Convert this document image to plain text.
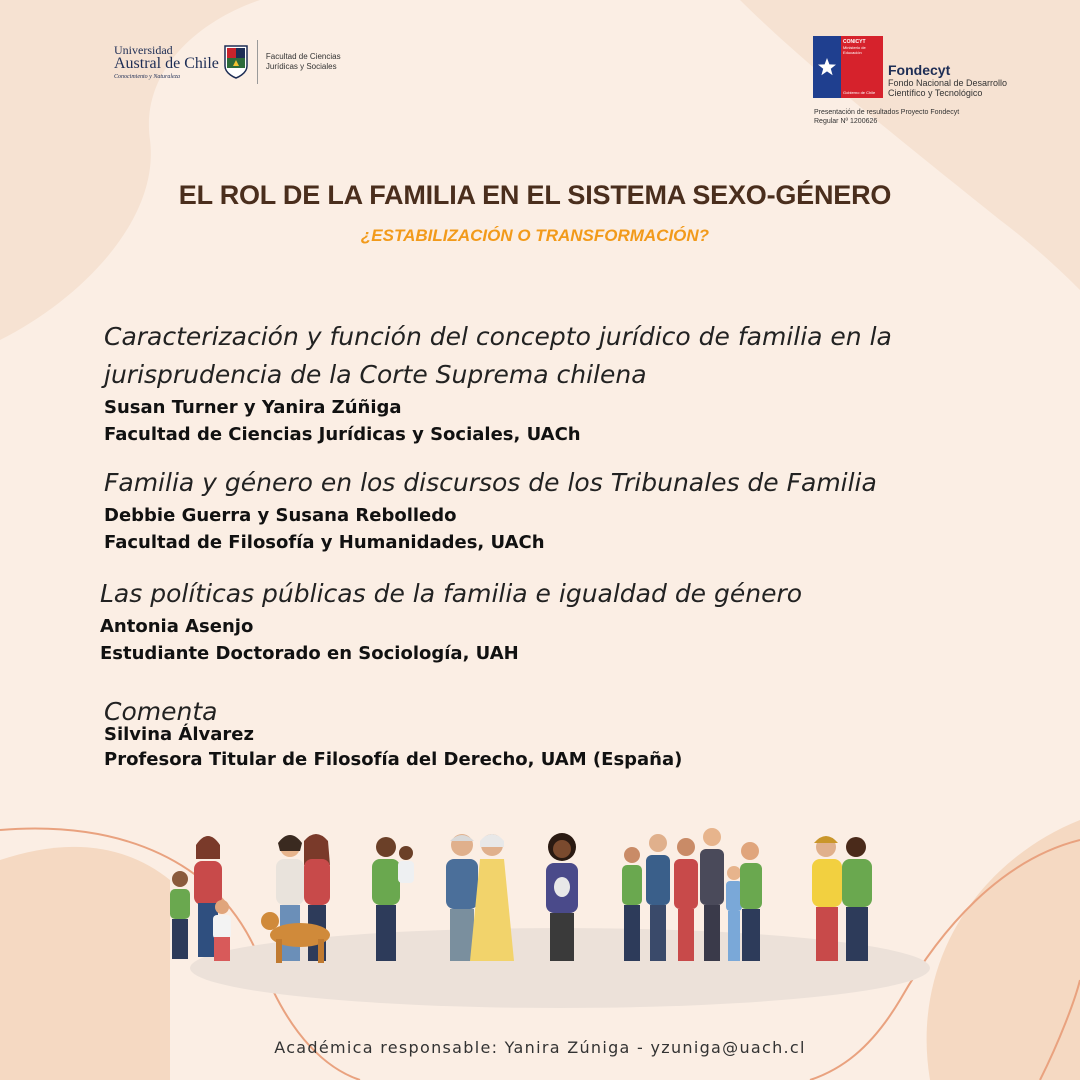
Universidad
Austral de Chile
Conocimiento y Naturaleza
Facultad de Ciencias
Jurídicas y Sociales
CONICYT
Ministerio de Educación
Gobierno de Chile
Fondecyt
Fondo Nacional de Desarrollo
Científico y Tecnológico
Presentación de resultados Proyecto Fondecyt
Regular Nº 1200626
EL ROL DE LA FAMILIA EN EL SISTEMA SEXO-GÉNERO
¿ESTABILIZACIÓN O TRANSFORMACIÓN?
Caracterización y función del concepto jurídico de familia en la
jurisprudencia de la Corte Suprema chilena
Susan Turner y Yanira Zúñiga
Facultad de Ciencias Jurídicas y Sociales, UACh
Familia y género en los discursos de los Tribunales de Familia
Debbie Guerra y Susana Rebolledo
Facultad de Filosofía y Humanidades, UACh
Las políticas públicas de la familia e igualdad de género
Antonia Asenjo
Estudiante Doctorado en Sociología, UAH
Comenta
Silvina Álvarez
Profesora Titular de Filosofía del Derecho, UAM (España)
Académica responsable: Yanira Zúniga - yzuniga@uach.cl
